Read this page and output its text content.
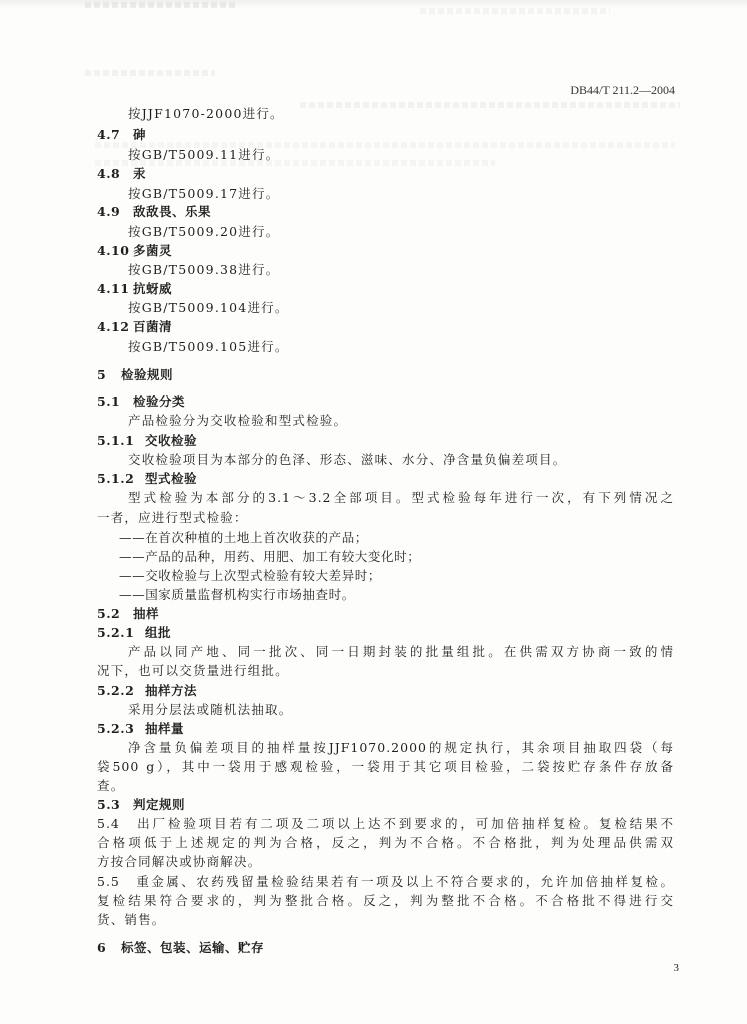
DB44/T 211.2—2004
按JJF1070-2000进行。
4.7 砷
按GB/T5009.11进行。
4.8 汞
按GB/T5009.17进行。
4.9 敌敌畏、乐果
按GB/T5009.20进行。
4.10 多菌灵
按GB/T5009.38进行。
4.11 抗蚜威
按GB/T5009.104进行。
4.12 百菌清
按GB/T5009.105进行。
5 检验规则
5.1 检验分类
产品检验分为交收检验和型式检验。
5.1.1 交收检验
交收检验项目为本部分的色泽、形态、滋味、水分、净含量负偏差项目。
5.1.2 型式检验
型式检验为本部分的3.1～3.2全部项目。型式检验每年进行一次，有下列情况之
一者，应进行型式检验：
——在首次种植的土地上首次收获的产品；
——产品的品种，用药、用肥、加工有较大变化时；
——交收检验与上次型式检验有较大差异时；
——国家质量监督机构实行市场抽查时。
5.2 抽样
5.2.1 组批
产品以同产地、同一批次、同一日期封装的批量组批。在供需双方协商一致的情
况下，也可以交货量进行组批。
5.2.2 抽样方法
采用分层法或随机法抽取。
5.2.3 抽样量
净含量负偏差项目的抽样量按JJF1070.2000的规定执行，其余项目抽取四袋（每
袋500 g），其中一袋用于感观检验，一袋用于其它项目检验，二袋按贮存条件存放备
查。
5.3 判定规则
5.4　出厂检验项目若有二项及二项以上达不到要求的，可加倍抽样复检。复检结果不
合格项低于上述规定的判为合格，反之，判为不合格。不合格批，判为处理品供需双
方按合同解决或协商解决。
5.5　重金属、农药残留量检验结果若有一项及以上不符合要求的，允许加倍抽样复检。
复检结果符合要求的，判为整批合格。反之，判为整批不合格。不合格批不得进行交
货、销售。
6 标签、包装、运输、贮存
3
